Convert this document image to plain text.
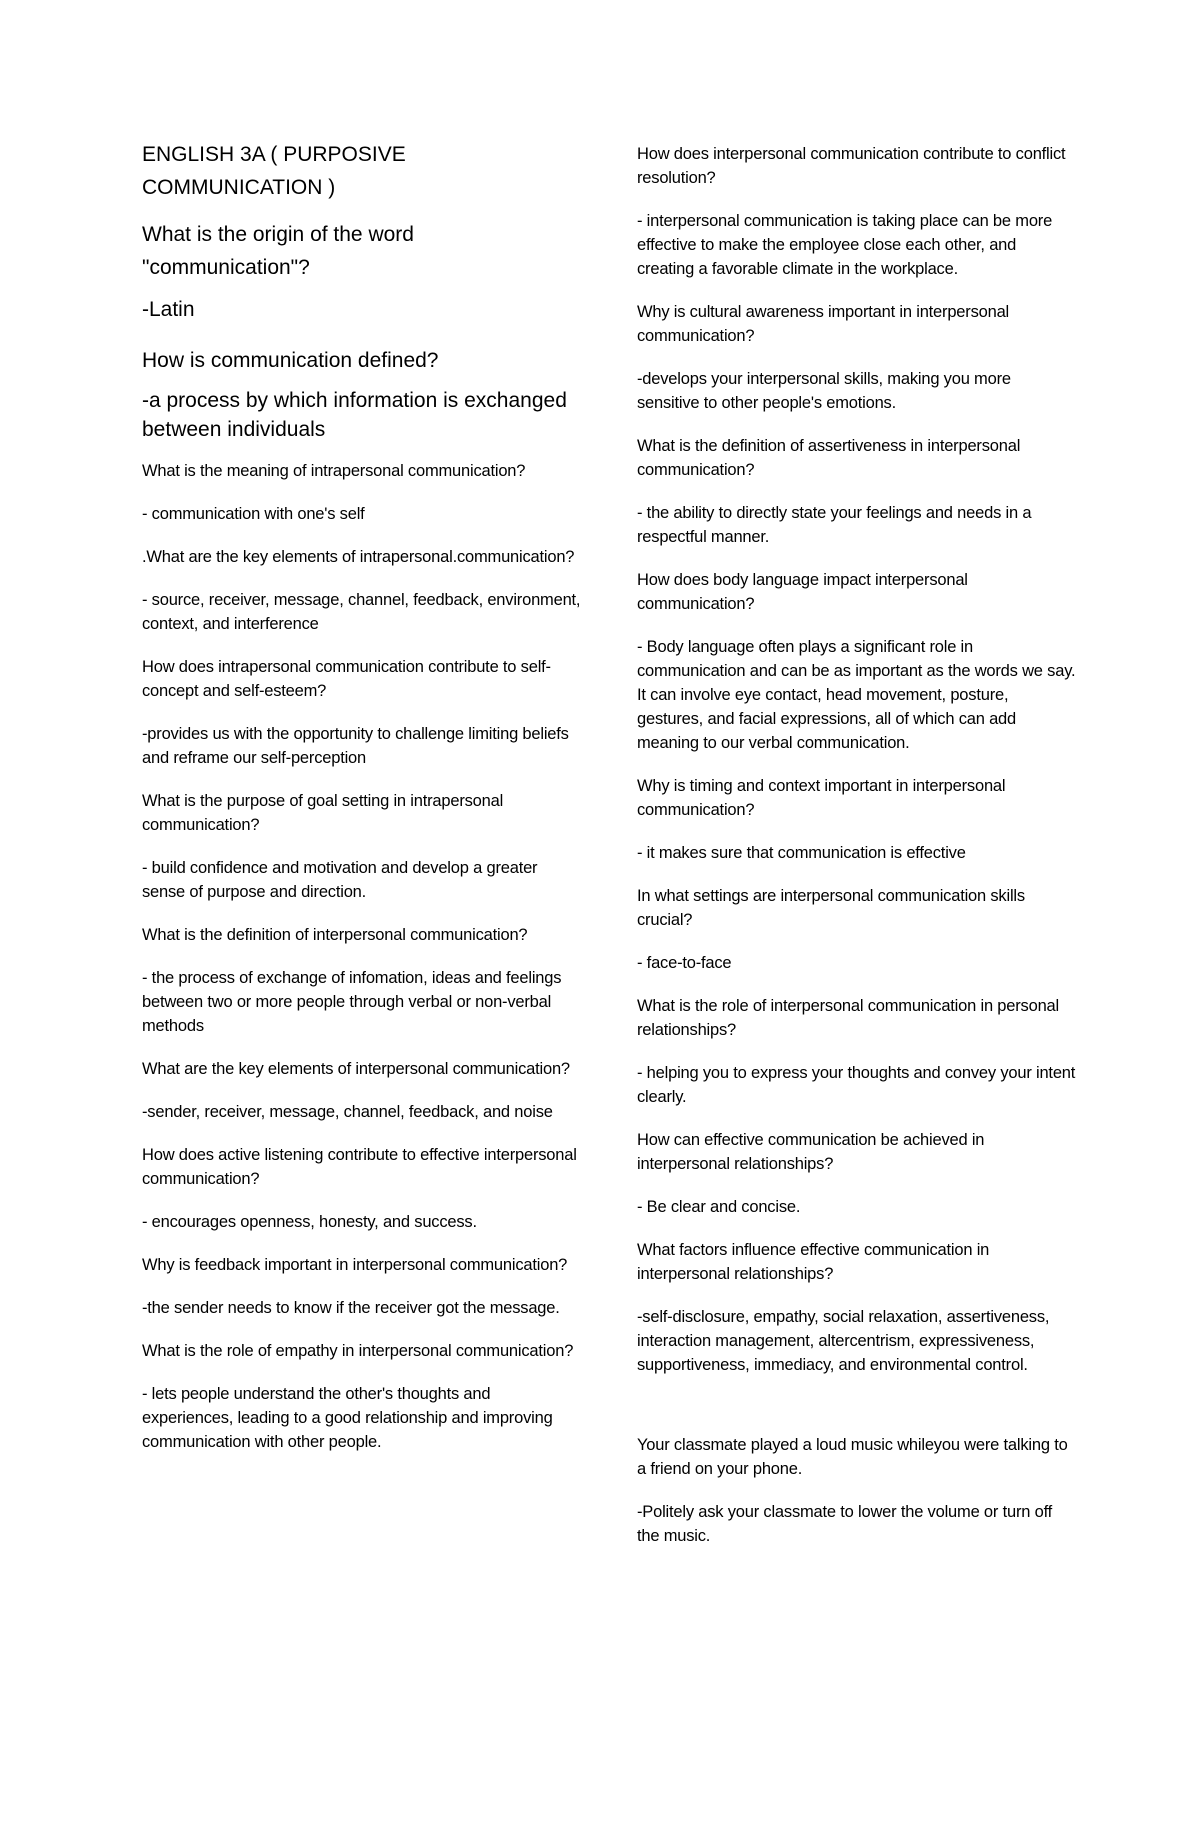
ENGLISH 3A ( PURPOSIVE
COMMUNICATION )
What is the origin of the word "communication"?
-Latin
How is communication defined?
-a process by which information is exchanged between individuals
What is the meaning of intrapersonal communication?
- communication with one's self
.What are the key elements of intrapersonal.communication?
- source, receiver, message, channel, feedback, environment, context, and interference
How does intrapersonal communication contribute to self-concept and self-esteem?
-provides us with the opportunity to challenge limiting beliefs and reframe our self-perception
What is the purpose of goal setting in intrapersonal communication?
- build confidence and motivation and develop a greater sense of purpose and direction.
What is the definition of interpersonal communication?
- the process of exchange of infomation, ideas and feelings between two or more people through verbal or non-verbal methods
What are the key elements of interpersonal communication?
-sender, receiver, message, channel, feedback, and noise
How does active listening contribute to effective interpersonal communication?
- encourages openness, honesty, and success.
Why is feedback important in interpersonal communication?
-the sender needs to know if the receiver got the message.
What is the role of empathy in interpersonal communication?
- lets people understand the other's thoughts and experiences, leading to a good relationship and improving communication with other people.
How does interpersonal communication contribute to conflict resolution?
- interpersonal communication is taking place can be more effective to make the employee close each other, and creating a favorable climate in the workplace.
Why is cultural awareness important in interpersonal communication?
-develops your interpersonal skills, making you more sensitive to other people's emotions.
What is the definition of assertiveness in interpersonal communication?
- the ability to directly state your feelings and needs in a respectful manner.
How does body language impact interpersonal communication?
- Body language often plays a significant role in communication and can be as important as the words we say. It can involve eye contact, head movement, posture, gestures, and facial expressions, all of which can add meaning to our verbal communication.
Why is timing and context important in interpersonal communication?
- it makes sure that communication is effective
In what settings are interpersonal communication skills crucial?
- face-to-face
What is the role of interpersonal communication in personal relationships?
- helping you to express your thoughts and convey your intent clearly.
How can effective communication be achieved in interpersonal relationships?
- Be clear and concise.
What factors influence effective communication in interpersonal relationships?
-self-disclosure, empathy, social relaxation, assertiveness, interaction management, altercentrism, expressiveness, supportiveness, immediacy, and environmental control.
Your classmate played a loud music whileyou were talking to a friend on your phone.
-Politely ask your classmate to lower the volume or turn off the music.
